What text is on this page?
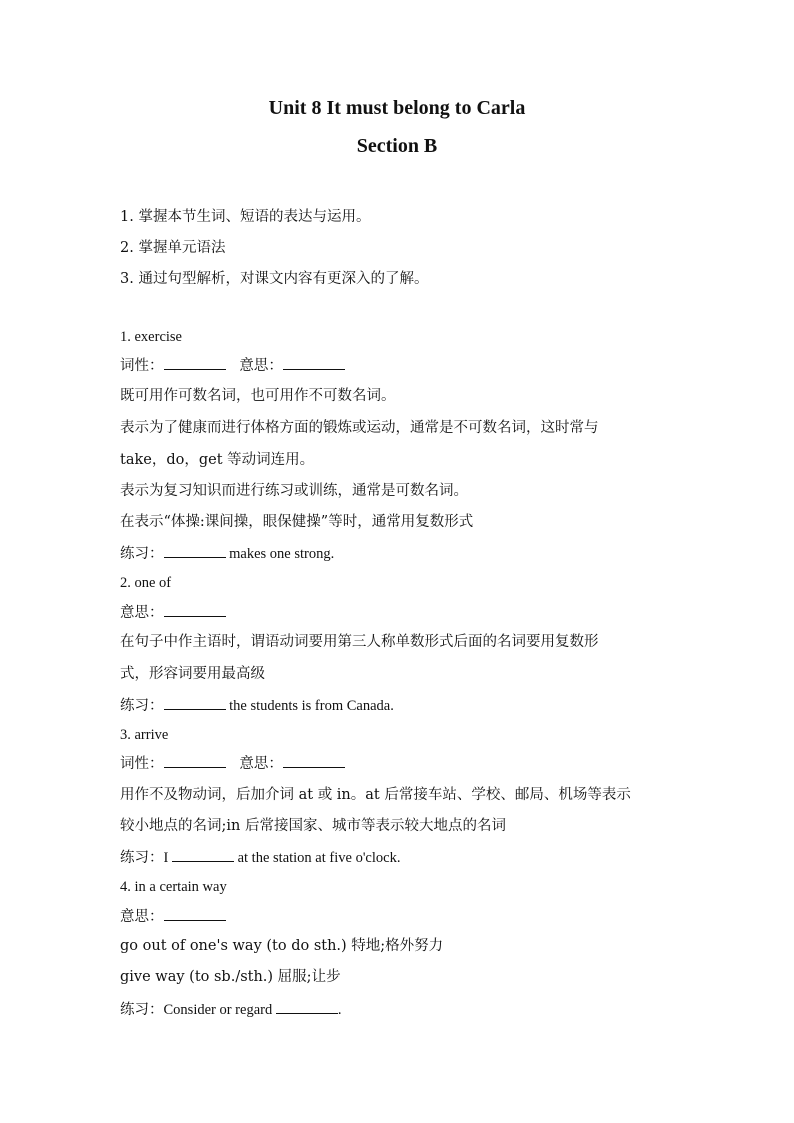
Unit 8 It must belong to Carla
Section B
1. 掌握本节生词、短语的表达与运用。
2. 掌握单元语法
3. 通过句型解析，对课文内容有更深入的了解。
1. exercise
词性：	意思：
既可用作可数名词，也可用作不可数名词。
表示为了健康而进行体格方面的锻炼或运动，通常是不可数名词，这时常与
take，do，get 等动词连用。
表示为复习知识而进行练习或训练，通常是可数名词。
在表示“体操:课间操，眼保健操”等时，通常用复数形式
练习：	makes one strong.
2. one of
意思：
在句子中作主语时，谓语动词要用第三人称单数形式后面的名词要用复数形
式，形容词要用最高级
练习：	the students is from Canada.
3. arrive
词性：	意思：
用作不及物动词，后加介词 at 或 in。at 后常接车站、学校、邮局、机场等表示
较小地点的名词;in 后常接国家、城市等表示较大地点的名词
练习：I	at the station at five o'clock.
4. in a certain way
意思：
go out of one's way (to do sth.) 特地;格外努力
give way (to sb./sth.) 屈服;让步
练习：Consider or regard	.
